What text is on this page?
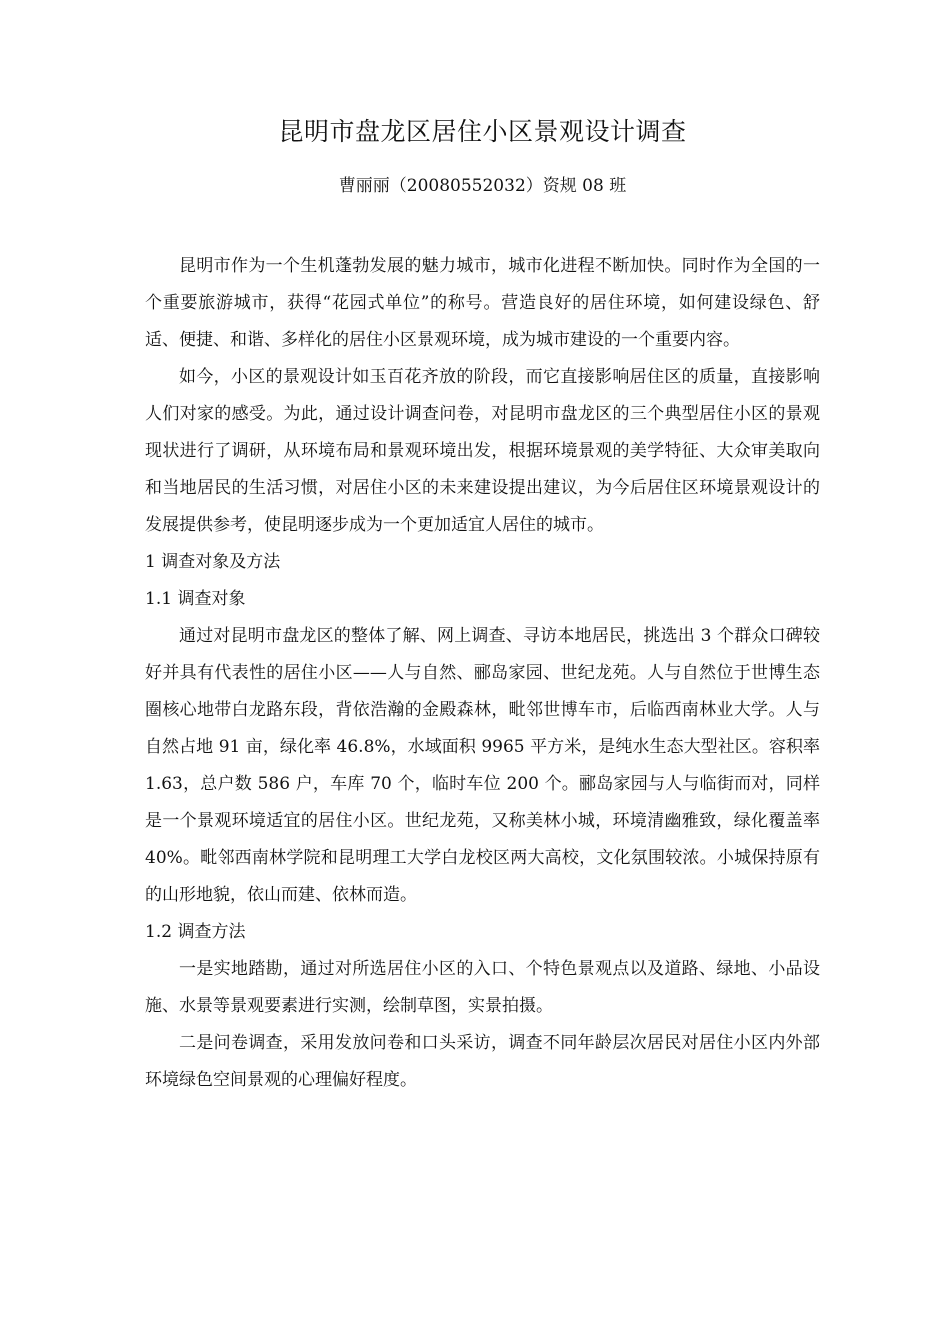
昆明市盘龙区居住小区景观设计调查
曹丽丽（20080552032）资规 08 班

昆明市作为一个生机蓬勃发展的魅力城市，城市化进程不断加快。同时作为全国的一个重要旅游城市，获得“花园式单位”的称号。营造良好的居住环境，如何建设绿色、舒适、便捷、和谐、多样化的居住小区景观环境，成为城市建设的一个重要内容。

如今，小区的景观设计如玉百花齐放的阶段，而它直接影响居住区的质量，直接影响人们对家的感受。为此，通过设计调查问卷，对昆明市盘龙区的三个典型居住小区的景观现状进行了调研，从环境布局和景观环境出发，根据环境景观的美学特征、大众审美取向和当地居民的生活习惯，对居住小区的未来建设提出建议，为今后居住区环境景观设计的发展提供参考，使昆明逐步成为一个更加适宜人居住的城市。

1 调查对象及方法
1.1 调查对象

通过对昆明市盘龙区的整体了解、网上调查、寻访本地居民，挑选出 3 个群众口碑较好并具有代表性的居住小区——人与自然、郦岛家园、世纪龙苑。人与自然位于世博生态圈核心地带白龙路东段，背依浩瀚的金殿森林，毗邻世博车市，后临西南林业大学。人与自然占地 91 亩，绿化率 46.8%，水域面积 9965 平方米，是纯水生态大型社区。容积率 1.63，总户数 586 户，车库 70 个，临时车位 200 个。郦岛家园与人与临街而对，同样是一个景观环境适宜的居住小区。世纪龙苑，又称美林小城，环境清幽雅致，绿化覆盖率 40%。毗邻西南林学院和昆明理工大学白龙校区两大高校，文化氛围较浓。小城保持原有的山形地貌，依山而建、依林而造。

1.2 调查方法

一是实地踏勘，通过对所选居住小区的入口、个特色景观点以及道路、绿地、小品设施、水景等景观要素进行实测，绘制草图，实景拍摄。

二是问卷调查，采用发放问卷和口头采访，调查不同年龄层次居民对居住小区内外部环境绿色空间景观的心理偏好程度。
